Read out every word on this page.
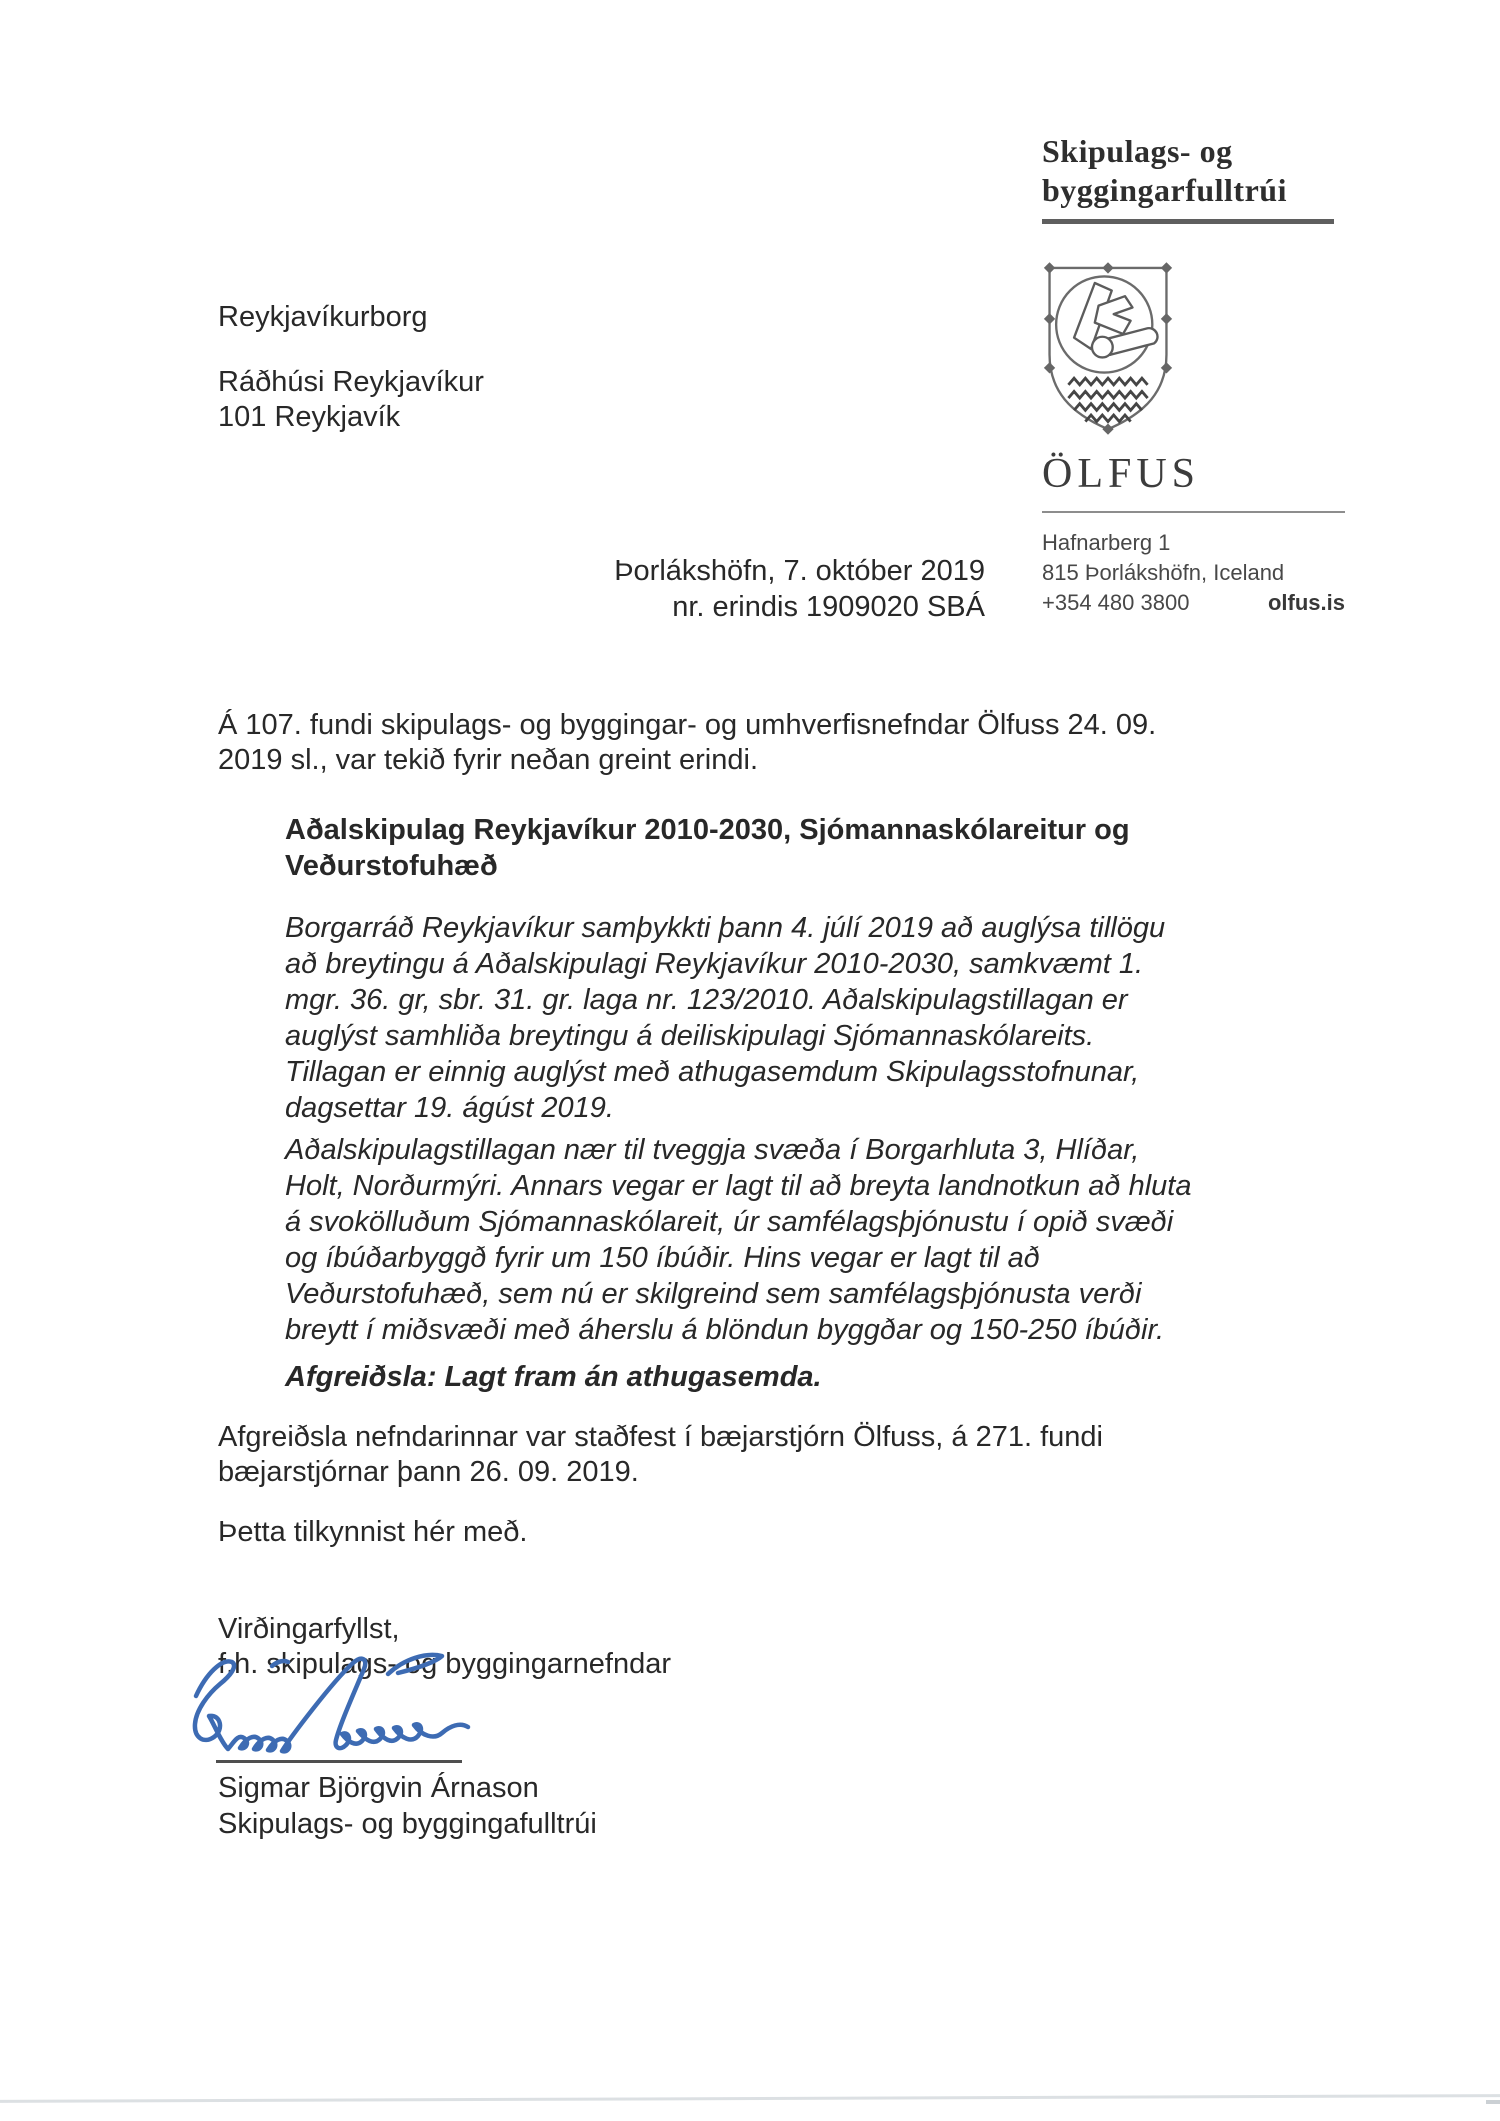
Skipulags- og
byggingarfulltrúi
ÖLFUS
Hafnarberg 1
815 Þorlákshöfn, Iceland
+354 480 3800	olfus.is
Reykjavíkurborg
Ráðhúsi Reykjavíkur
101 Reykjavík
Þorlákshöfn, 7. október 2019
nr. erindis 1909020 SBÁ
Á 107. fundi skipulags- og byggingar- og umhverfisnefndar Ölfuss 24. 09. 2019 sl., var tekið fyrir neðan greint erindi.
Aðalskipulag Reykjavíkur 2010-2030, Sjómannaskólareitur og Veðurstofuhæð
Borgarráð Reykjavíkur samþykkti þann 4. júlí 2019 að auglýsa tillögu að breytingu á Aðalskipulagi Reykjavíkur 2010-2030, samkvæmt 1. mgr. 36. gr, sbr. 31. gr. laga nr. 123/2010. Aðalskipulagstillagan er auglýst samhliða breytingu á deiliskipulagi Sjómannaskólareits. Tillagan er einnig auglýst með athugasemdum Skipulagsstofnunar, dagsettar 19. ágúst 2019.
Aðalskipulagstillagan nær til tveggja svæða í Borgarhluta 3, Hlíðar, Holt, Norðurmýri. Annars vegar er lagt til að breyta landnotkun að hluta á svokölluðum Sjómannaskólareit, úr samfélagsþjónustu í opið svæði og íbúðarbyggð fyrir um 150 íbúðir. Hins vegar er lagt til að Veðurstofuhæð, sem nú er skilgreind sem samfélagsþjónusta verði breytt í miðsvæði með áherslu á blöndun byggðar og 150-250 íbúðir.
Afgreiðsla: Lagt fram án athugasemda.
Afgreiðsla nefndarinnar var staðfest í bæjarstjórn Ölfuss, á 271. fundi bæjarstjórnar þann 26. 09. 2019.
Þetta tilkynnist hér með.
Virðingarfyllst,
f.h. skipulags- og byggingarnefndar
Sigmar Björgvin Árnason
Skipulags- og byggingafulltrúi
